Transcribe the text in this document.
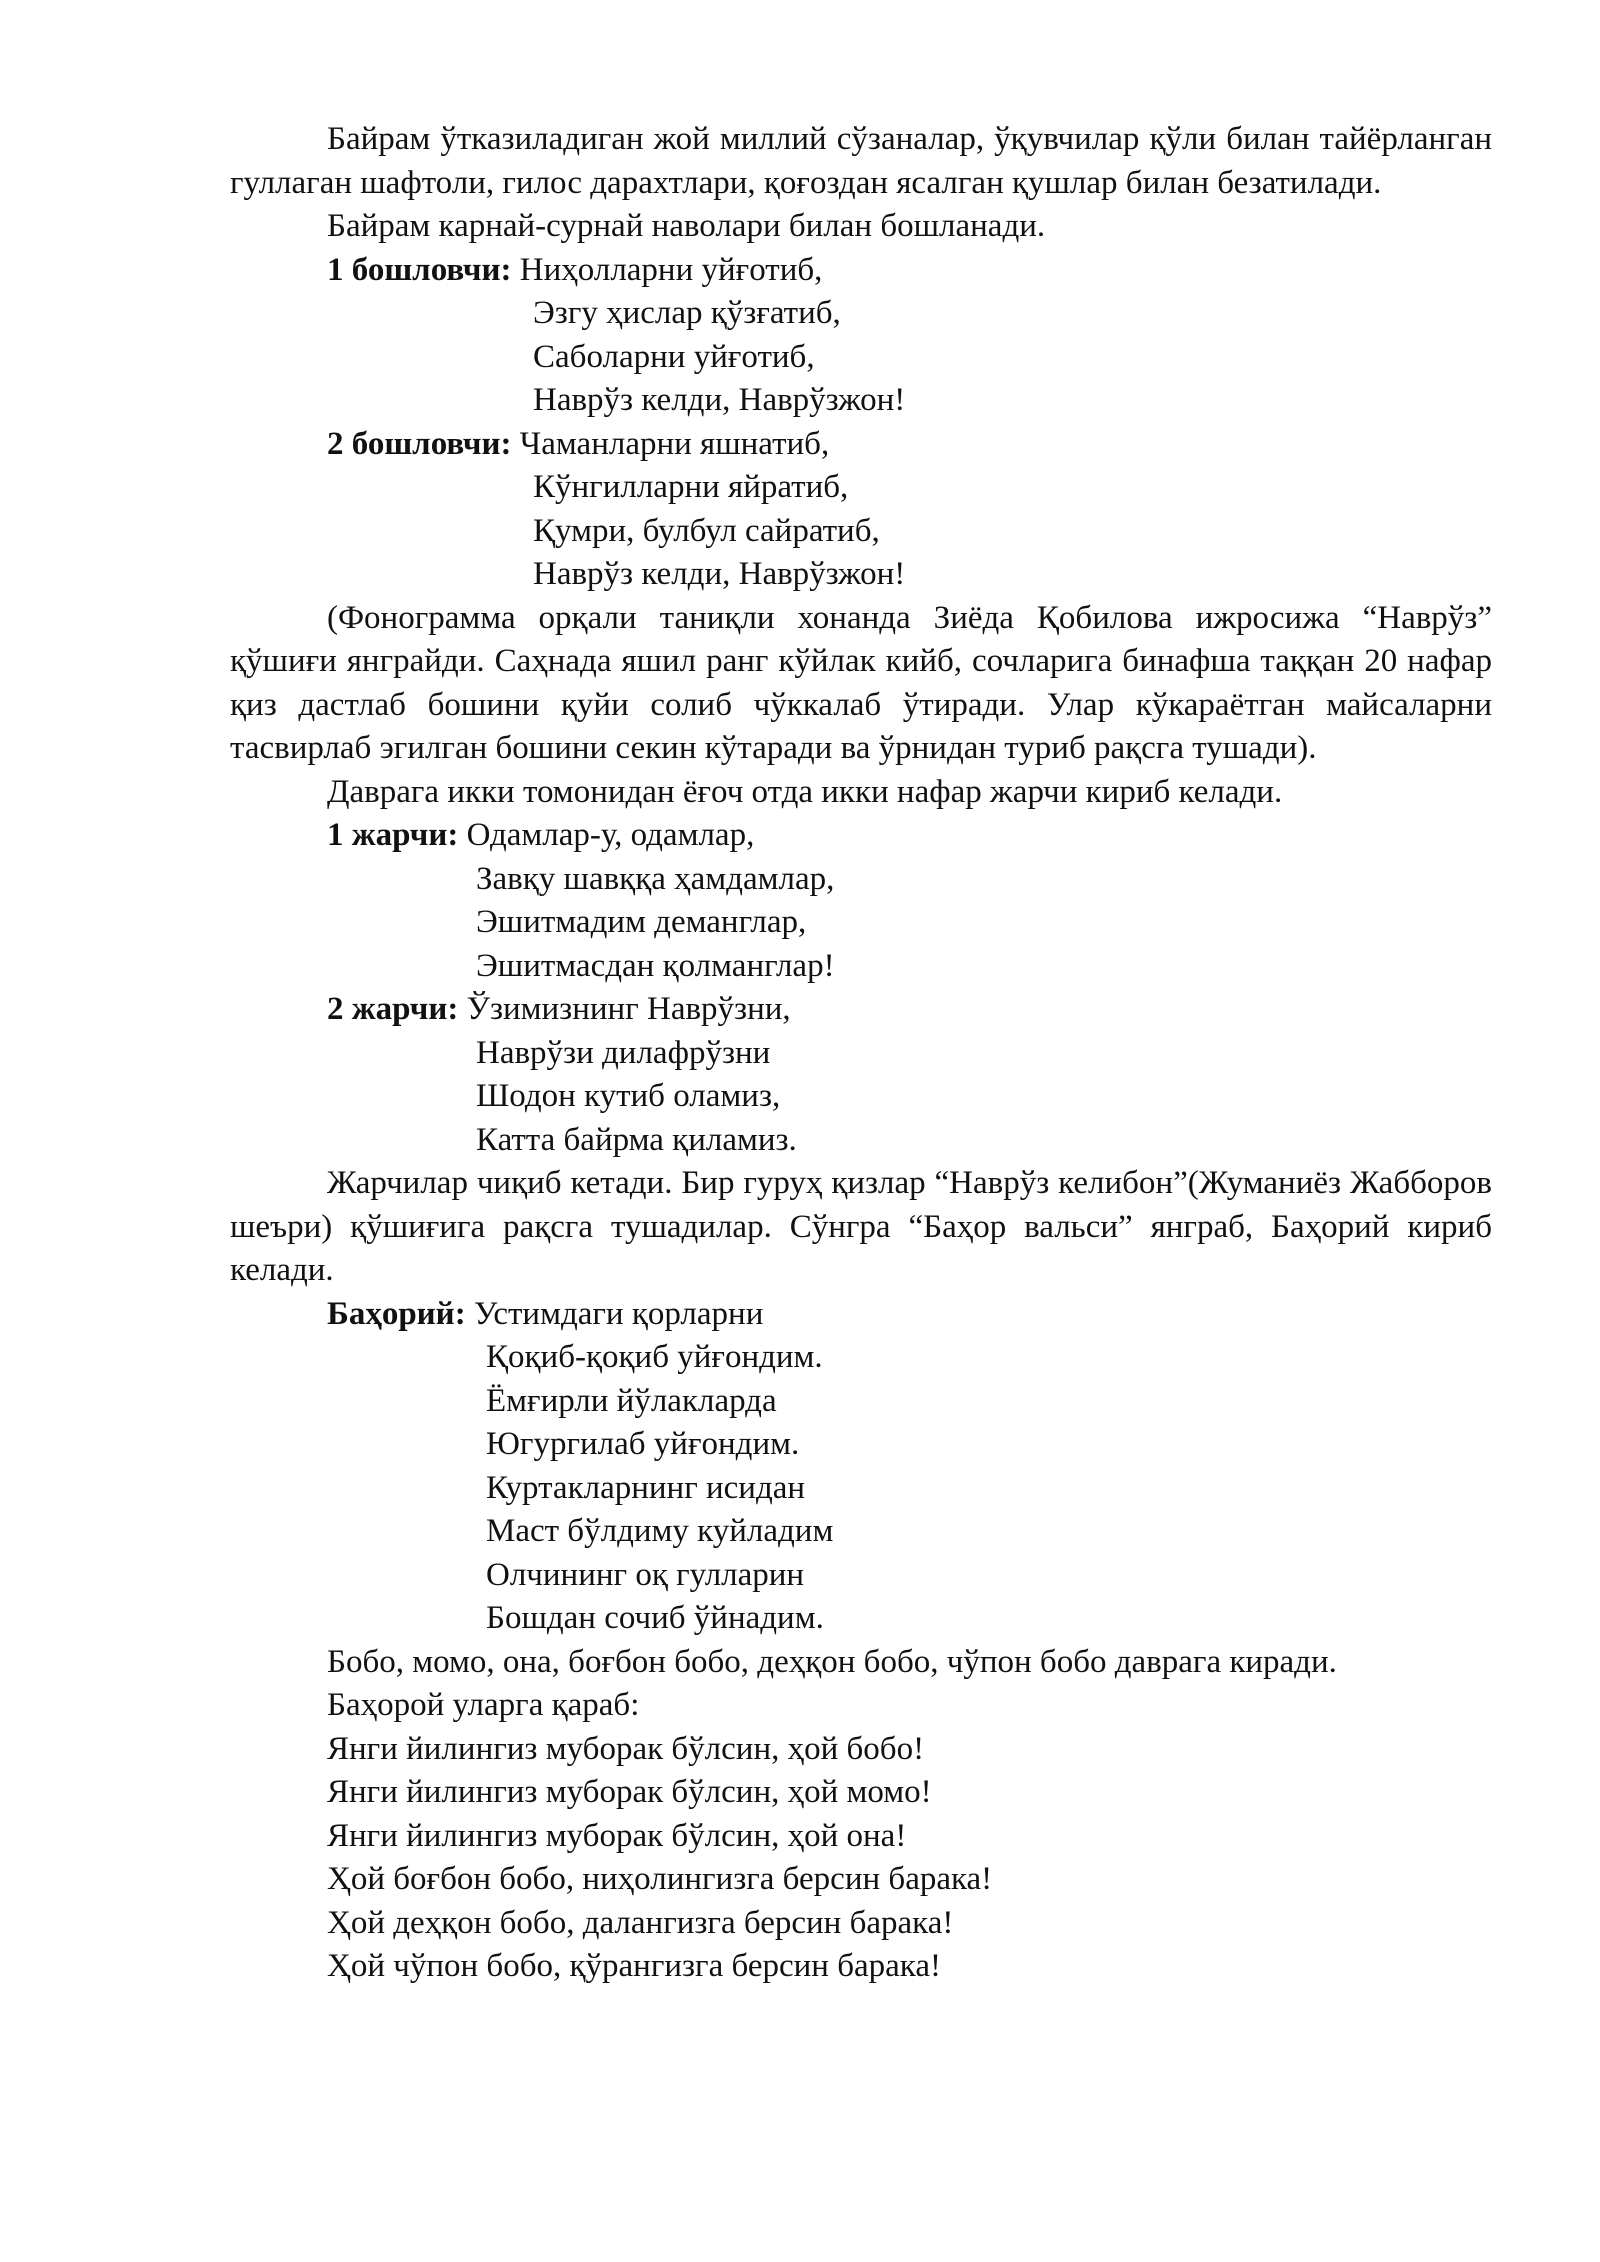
Байрам ўтказиладиган жой миллий сўзаналар, ўқувчилар қўли билан тайёрланган гуллаган шафтоли, гилос дарахтлари, қоғоздан ясалган қушлар билан безатилади.

Байрам карнай-сурнай наволари билан бошланади.

1 бошловчи: Ниҳолларни уйғотиб,

Эзгу ҳислар қўзғатиб,

Саболарни уйғотиб,

Наврўз келди, Наврўзжон!

2 бошловчи: Чаманларни яшнатиб,

Кўнгилларни яйратиб,

Қумри, булбул сайратиб,

Наврўз келди, Наврўзжон!

(Фонограмма орқали таниқли хонанда Зиёда Қобилова ижросижа “Наврўз” қўшиғи янграйди. Саҳнада яшил ранг кўйлак кийб, сочларига бинафша таққан 20 нафар қиз дастлаб бошини қуйи солиб чўккалаб ўтиради. Улар кўкараётган майсаларни тасвирлаб эгилган бошини секин кўтаради ва ўрнидан туриб рақсга тушади).

Даврага икки томонидан ёғоч отда икки нафар жарчи кириб келади.

1 жарчи: Одамлар-у, одамлар,

Завқу шавққа ҳамдамлар,

Эшитмадим деманглар,

Эшитмасдан қолманглар!

2 жарчи: Ўзимизнинг Наврўзни,

Наврўзи дилафрўзни

Шодон кутиб оламиз,

Катта байрма қиламиз.

Жарчилар чиқиб кетади. Бир гуруҳ қизлар “Наврўз келибон”(Жуманиёз Жабборов шеъри) қўшиғига рақсга тушадилар. Сўнгра “Баҳор вальси” янграб, Баҳорий кириб келади.

Баҳорий: Устимдаги қорларни

Қоқиб-қоқиб уйғондим.

Ёмғирли йўлакларда

Югургилаб уйғондим.

Куртакларнинг исидан

Маст бўлдиму куйладим

Олчининг оқ гулларин

Бошдан сочиб ўйнадим.

Бобо, момо, она, боғбон бобо, деҳқон бобо, чўпон бобо даврага киради.

Баҳорой уларга қараб:

Янги йилингиз муборак бўлсин, ҳой бобо!

Янги йилингиз муборак бўлсин, ҳой момо!

Янги йилингиз муборак бўлсин, ҳой она!

Ҳой боғбон бобо, ниҳолингизга берсин барака!

Ҳой деҳқон бобо, далангизга берсин барака!

Ҳой чўпон бобо, қўрангизга берсин барака!
